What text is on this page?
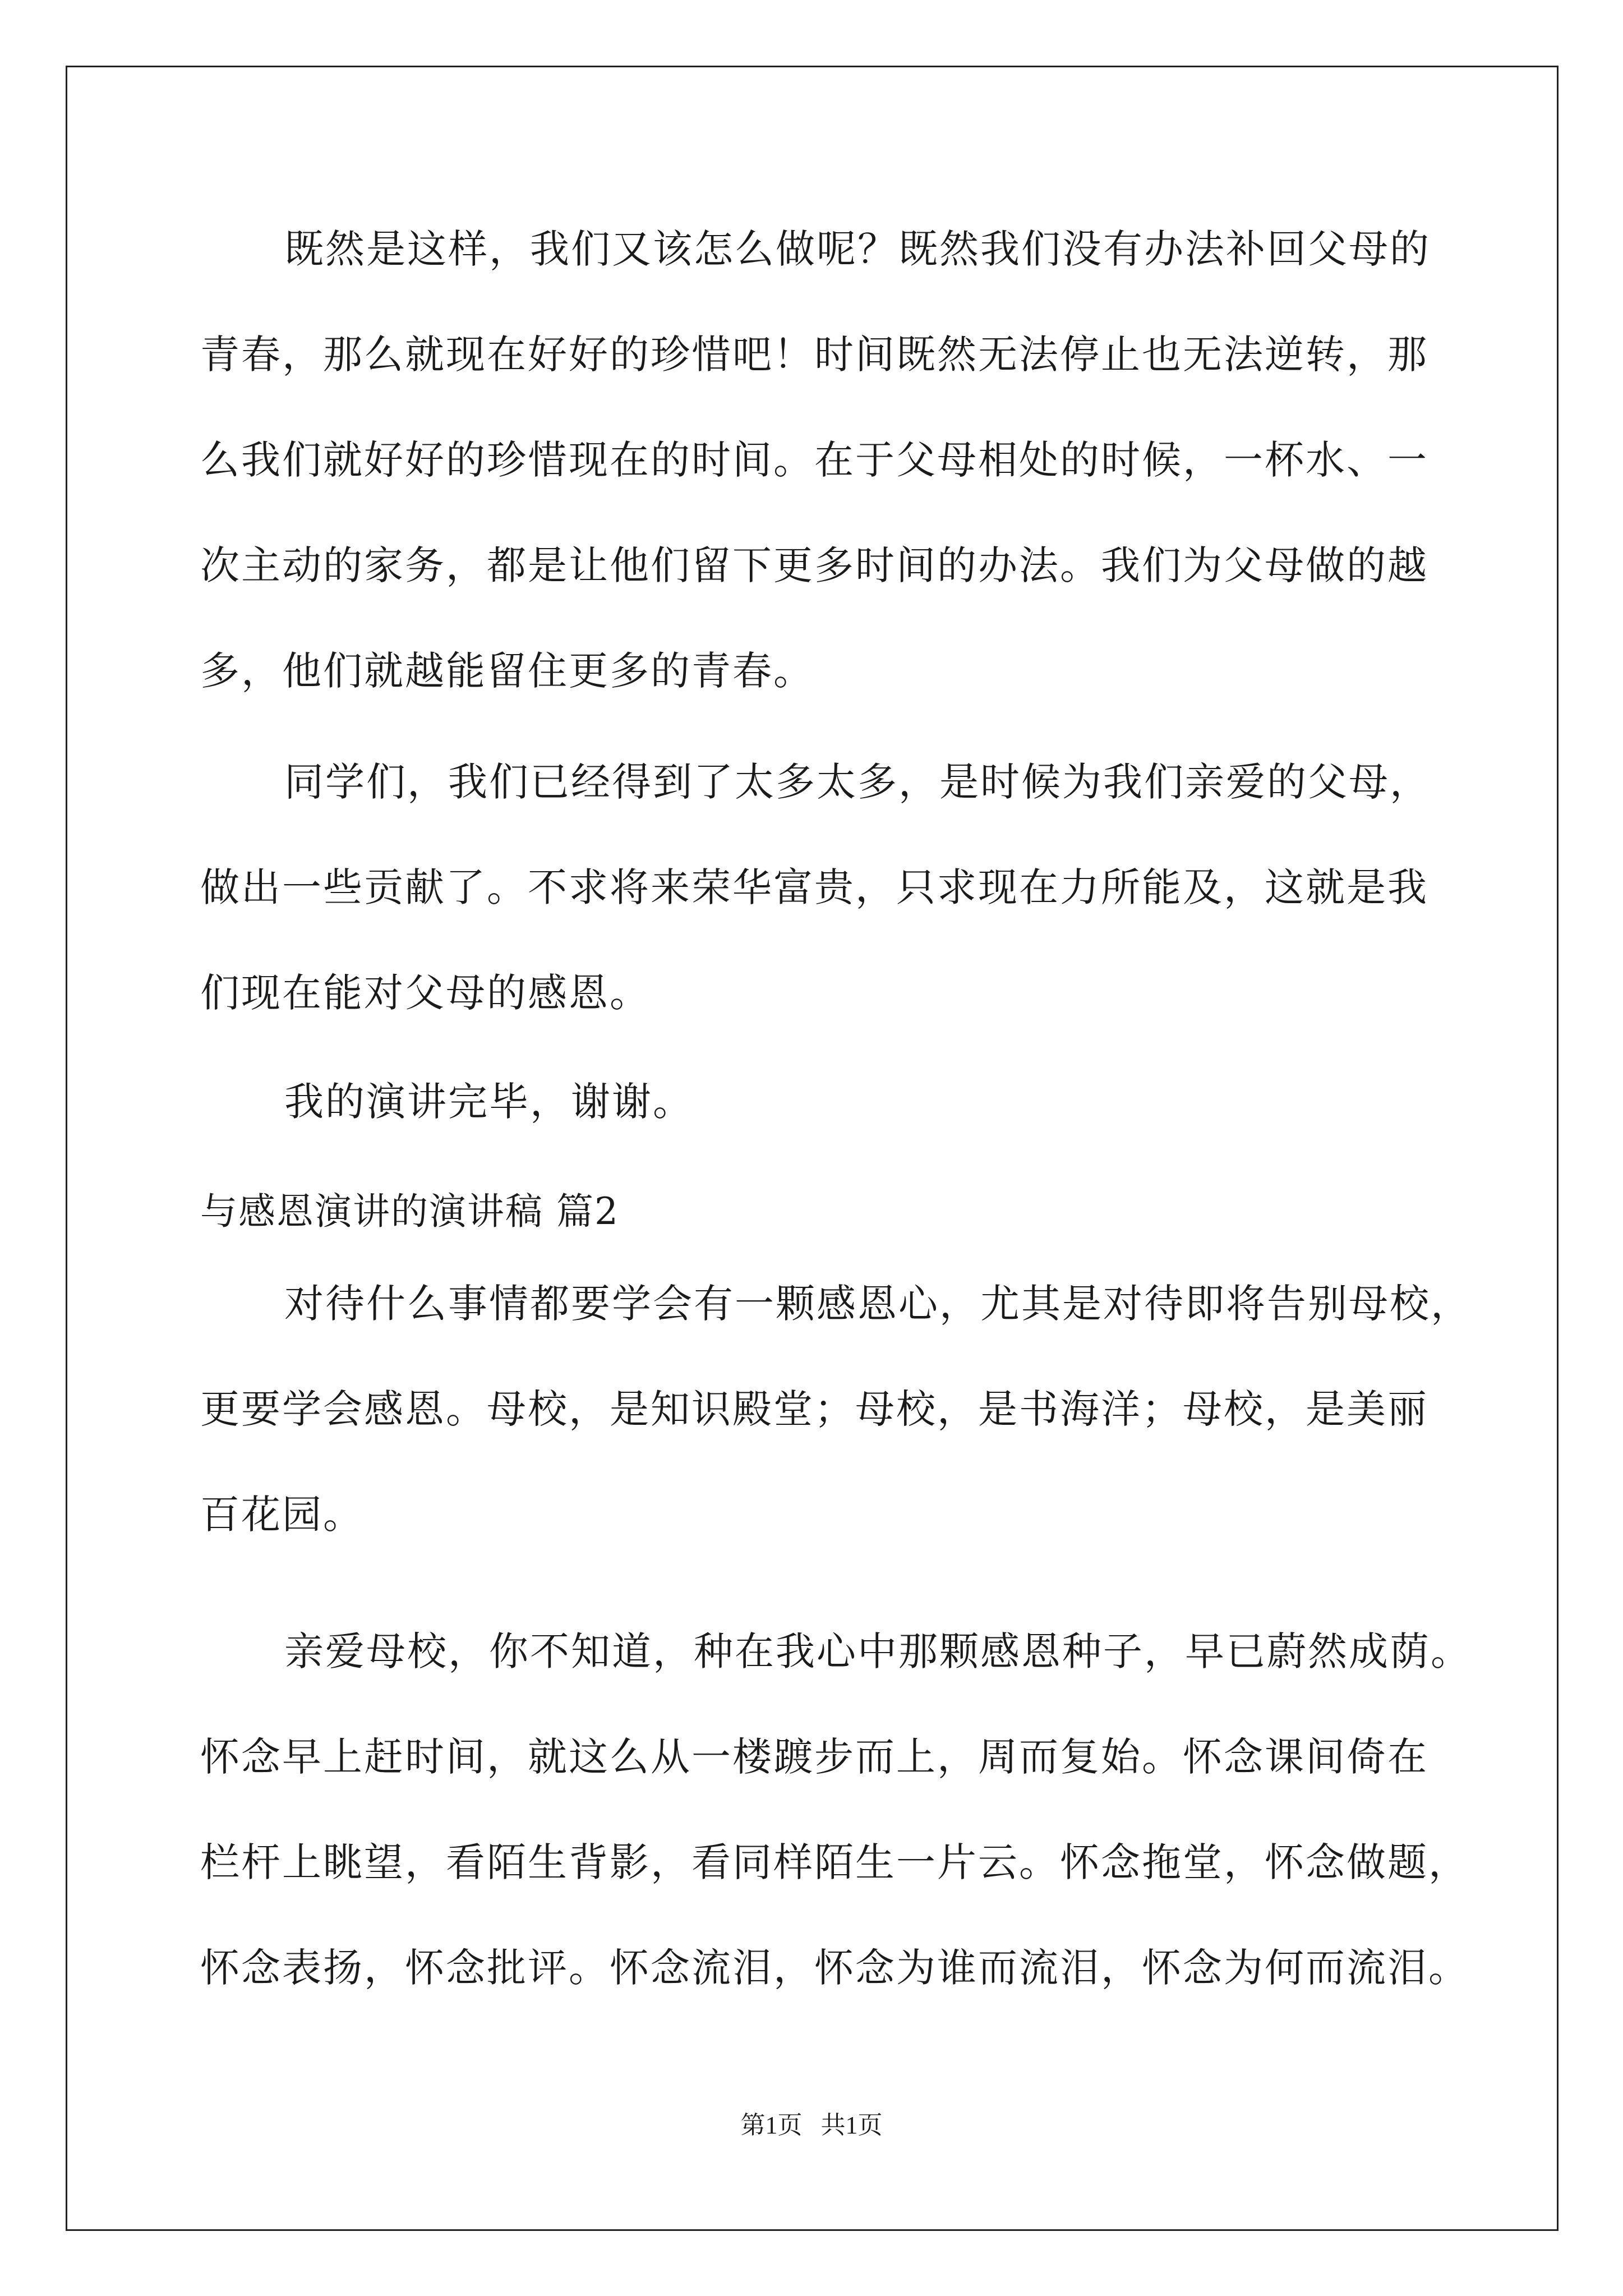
既然是这样，我们又该怎么做呢？既然我们没有办法补回父母的
青春，那么就现在好好的珍惜吧！时间既然无法停止也无法逆转，那
么我们就好好的珍惜现在的时间。在于父母相处的时候，一杯水、一
次主动的家务，都是让他们留下更多时间的办法。我们为父母做的越
多，他们就越能留住更多的青春。
同学们，我们已经得到了太多太多，是时候为我们亲爱的父母，
做出一些贡献了。不求将来荣华富贵，只求现在力所能及，这就是我
们现在能对父母的感恩。
我的演讲完毕，谢谢。
与感恩演讲的演讲稿 篇2
对待什么事情都要学会有一颗感恩心，尤其是对待即将告别母校，
更要学会感恩。母校，是知识殿堂；母校，是书海洋；母校，是美丽
百花园。
亲爱母校，你不知道，种在我心中那颗感恩种子，早已蔚然成荫。
怀念早上赶时间，就这么从一楼踱步而上，周而复始。怀念课间倚在
栏杆上眺望，看陌生背影，看同样陌生一片云。怀念拖堂，怀念做题，
怀念表扬，怀念批评。怀念流泪，怀念为谁而流泪，怀念为何而流泪。
第1页   共1页
